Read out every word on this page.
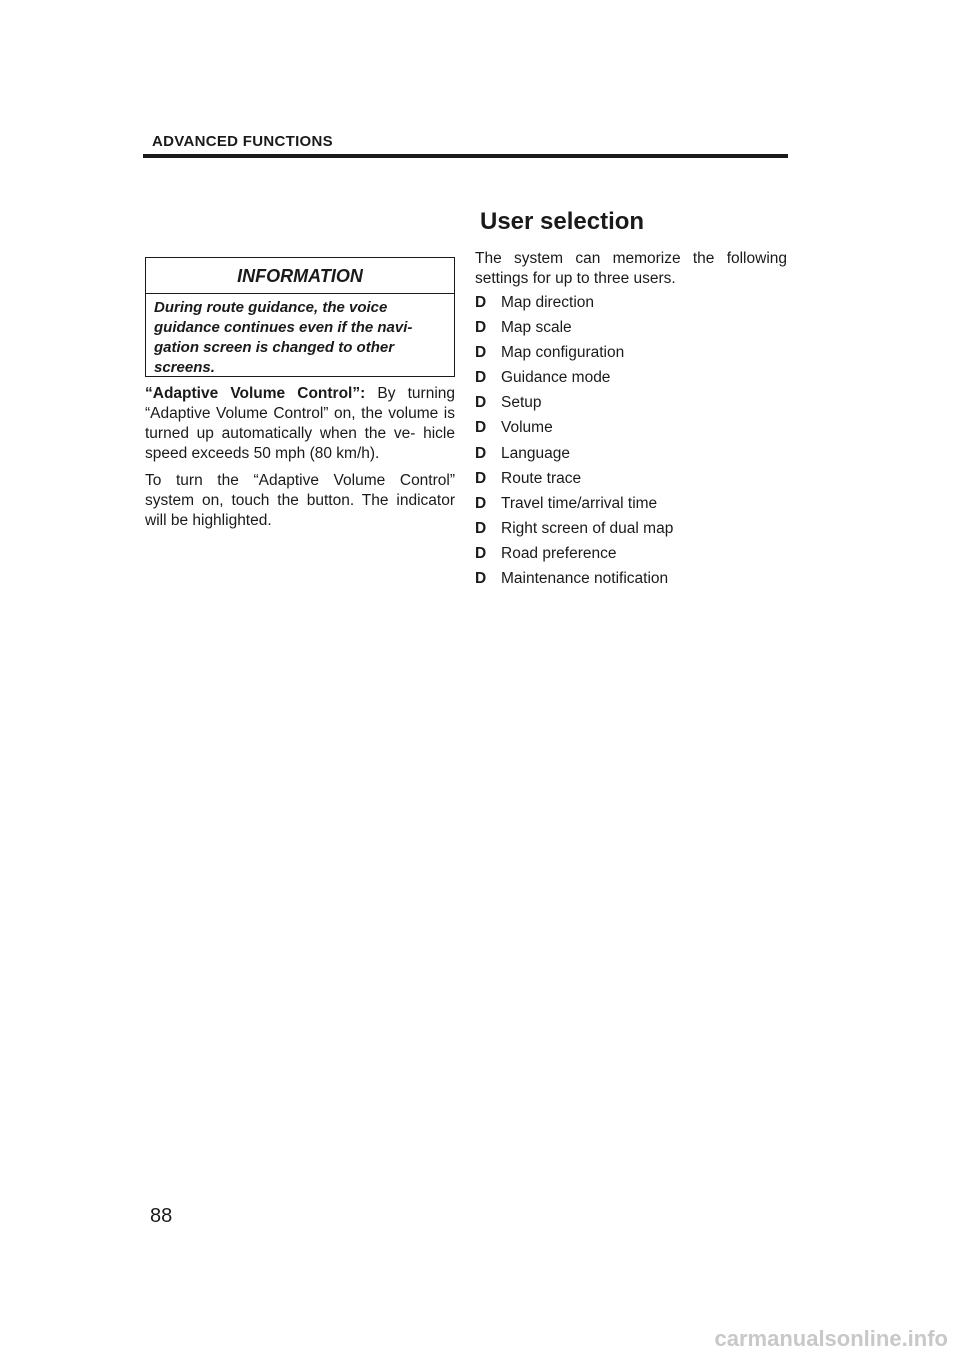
ADVANCED FUNCTIONS
User selection
INFORMATION
During route guidance, the voice
guidance continues even if the navi-
gation screen is changed to other
screens.

“Adaptive Volume Control”: By turning “Adaptive Volume Control” on, the volume is turned up automatically when the ve- hicle speed exceeds 50 mph (80 km/h).

To turn the “Adaptive Volume Control” system on, touch the button. The indicator will be highlighted.

The system can memorize the following settings for up to three users.

D Map direction
D Map scale
D Map configuration
D Guidance mode
D Setup
D Volume
D Language
D Route trace
D Travel time/arrival time
D Right screen of dual map
D Road preference
D Maintenance notification
88
carmanualsonline.info
